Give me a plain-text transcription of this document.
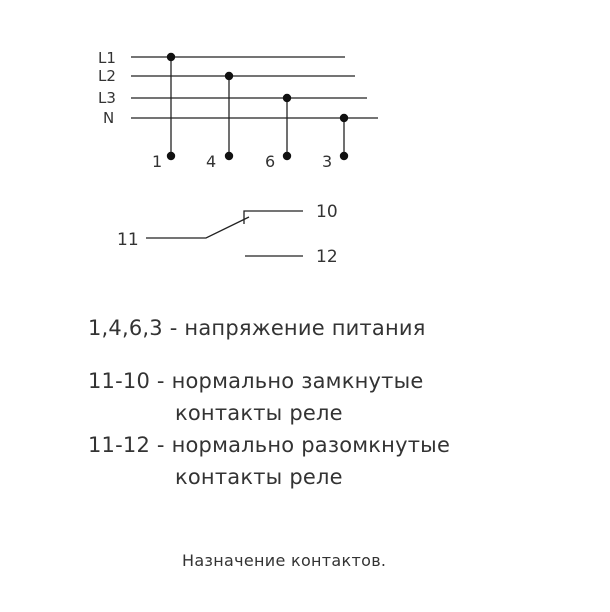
L1
L2
L3
N
1	4	6	3
11
10
12
1,4,6,3 - напряжение питания
11-10 - нормально замкнутые
контакты реле
11-12 - нормально разомкнутые
контакты реле
Назначение контактов.
